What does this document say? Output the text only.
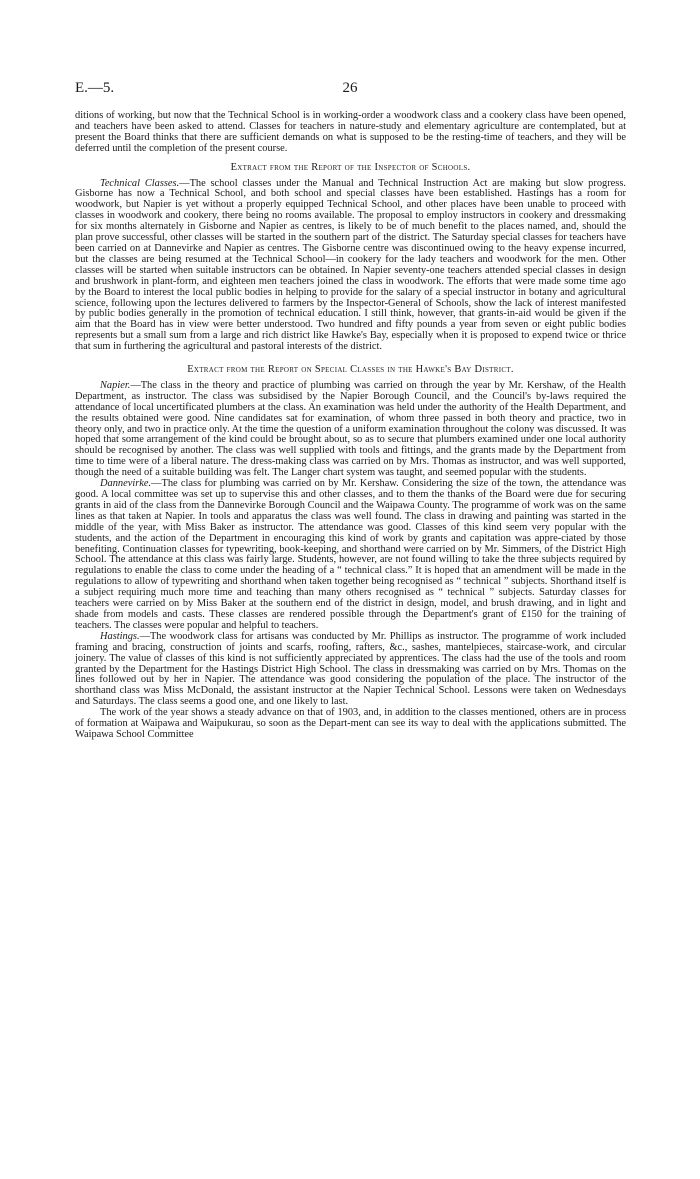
E.—5.	26

ditions of working, but now that the Technical School is in working-order a woodwork class and a cookery class have been opened, and teachers have been asked to attend. Classes for teachers in nature-study and elementary agriculture are contemplated, but at present the Board thinks that there are sufficient demands on what is supposed to be the resting-time of teachers, and they will be deferred until the completion of the present course.

Extract from the Report of the Inspector of Schools.

Technical Classes.—The school classes under the Manual and Technical Instruction Act are making but slow progress. Gisborne has now a Technical School, and both school and special classes have been established. Hastings has a room for woodwork, but Napier is yet without a properly equipped Technical School, and other places have been unable to proceed with classes in woodwork and cookery, there being no rooms available. The proposal to employ instructors in cookery and dressmaking for six months alternately in Gisborne and Napier as centres, is likely to be of much benefit to the places named, and, should the plan prove successful, other classes will be started in the southern part of the district. The Saturday special classes for teachers have been carried on at Dannevirke and Napier as centres. The Gisborne centre was discontinued owing to the heavy expense incurred, but the classes are being resumed at the Technical School—in cookery for the lady teachers and woodwork for the men. Other classes will be started when suitable instructors can be obtained. In Napier seventy-one teachers attended special classes in design and brushwork in plant-form, and eighteen men teachers joined the class in woodwork. The efforts that were made some time ago by the Board to interest the local public bodies in helping to provide for the salary of a special instructor in botany and agricultural science, following upon the lectures delivered to farmers by the Inspector-General of Schools, show the lack of interest manifested by public bodies generally in the promotion of technical education. I still think, however, that grants-in-aid would be given if the aim that the Board has in view were better understood. Two hundred and fifty pounds a year from seven or eight public bodies represents but a small sum from a large and rich district like Hawke's Bay, especially when it is proposed to expend twice or thrice that sum in furthering the agricultural and pastoral interests of the district.

Extract from the Report on Special Classes in the Hawke's Bay District.

Napier.—The class in the theory and practice of plumbing was carried on through the year by Mr. Kershaw, of the Health Department, as instructor. The class was subsidised by the Napier Borough Council, and the Council's by-laws required the attendance of local uncertificated plumbers at the class. An examination was held under the authority of the Health Department, and the results obtained were good. Nine candidates sat for examination, of whom three passed in both theory and practice, two in theory only, and two in practice only. At the time the question of a uniform examination throughout the colony was discussed. It was hoped that some arrangement of the kind could be brought about, so as to secure that plumbers examined under one local authority should be recognised by another. The class was well supplied with tools and fittings, and the grants made by the Department from time to time were of a liberal nature. The dress-making class was carried on by Mrs. Thomas as instructor, and was well supported, though the need of a suitable building was felt. The Langer chart system was taught, and seemed popular with the students.

Dannevirke.—The class for plumbing was carried on by Mr. Kershaw. Considering the size of the town, the attendance was good. A local committee was set up to supervise this and other classes, and to them the thanks of the Board were due for securing grants in aid of the class from the Dannevirke Borough Council and the Waipawa County. The programme of work was on the same lines as that taken at Napier. In tools and apparatus the class was well found. The class in drawing and painting was started in the middle of the year, with Miss Baker as instructor. The attendance was good. Classes of this kind seem very popular with the students, and the action of the Department in encouraging this kind of work by grants and capitation was appre-ciated by those benefiting. Continuation classes for typewriting, book-keeping, and shorthand were carried on by Mr. Simmers, of the District High School. The attendance at this class was fairly large. Students, however, are not found willing to take the three subjects required by regulations to enable the class to come under the heading of a “ technical class.” It is hoped that an amendment will be made in the regulations to allow of typewriting and shorthand when taken together being recognised as “ technical ” subjects. Shorthand itself is a subject requiring much more time and teaching than many others recognised as “ technical ” subjects. Saturday classes for teachers were carried on by Miss Baker at the southern end of the district in design, model, and brush drawing, and in light and shade from models and casts. These classes are rendered possible through the Department's grant of £150 for the training of teachers. The classes were popular and helpful to teachers.

Hastings.—The woodwork class for artisans was conducted by Mr. Phillips as instructor. The programme of work included framing and bracing, construction of joints and scarfs, roofing, rafters, &c., sashes, mantelpieces, staircase-work, and circular joinery. The value of classes of this kind is not sufficiently appreciated by apprentices. The class had the use of the tools and room granted by the Department for the Hastings District High School. The class in dressmaking was carried on by Mrs. Thomas on the lines followed out by her in Napier. The attendance was good considering the population of the place. The instructor of the shorthand class was Miss McDonald, the assistant instructor at the Napier Technical School. Lessons were taken on Wednesdays and Saturdays. The class seems a good one, and one likely to last.

The work of the year shows a steady advance on that of 1903, and, in addition to the classes mentioned, others are in process of formation at Waipawa and Waipukurau, so soon as the Depart-ment can see its way to deal with the applications submitted. The Waipawa School Committee
